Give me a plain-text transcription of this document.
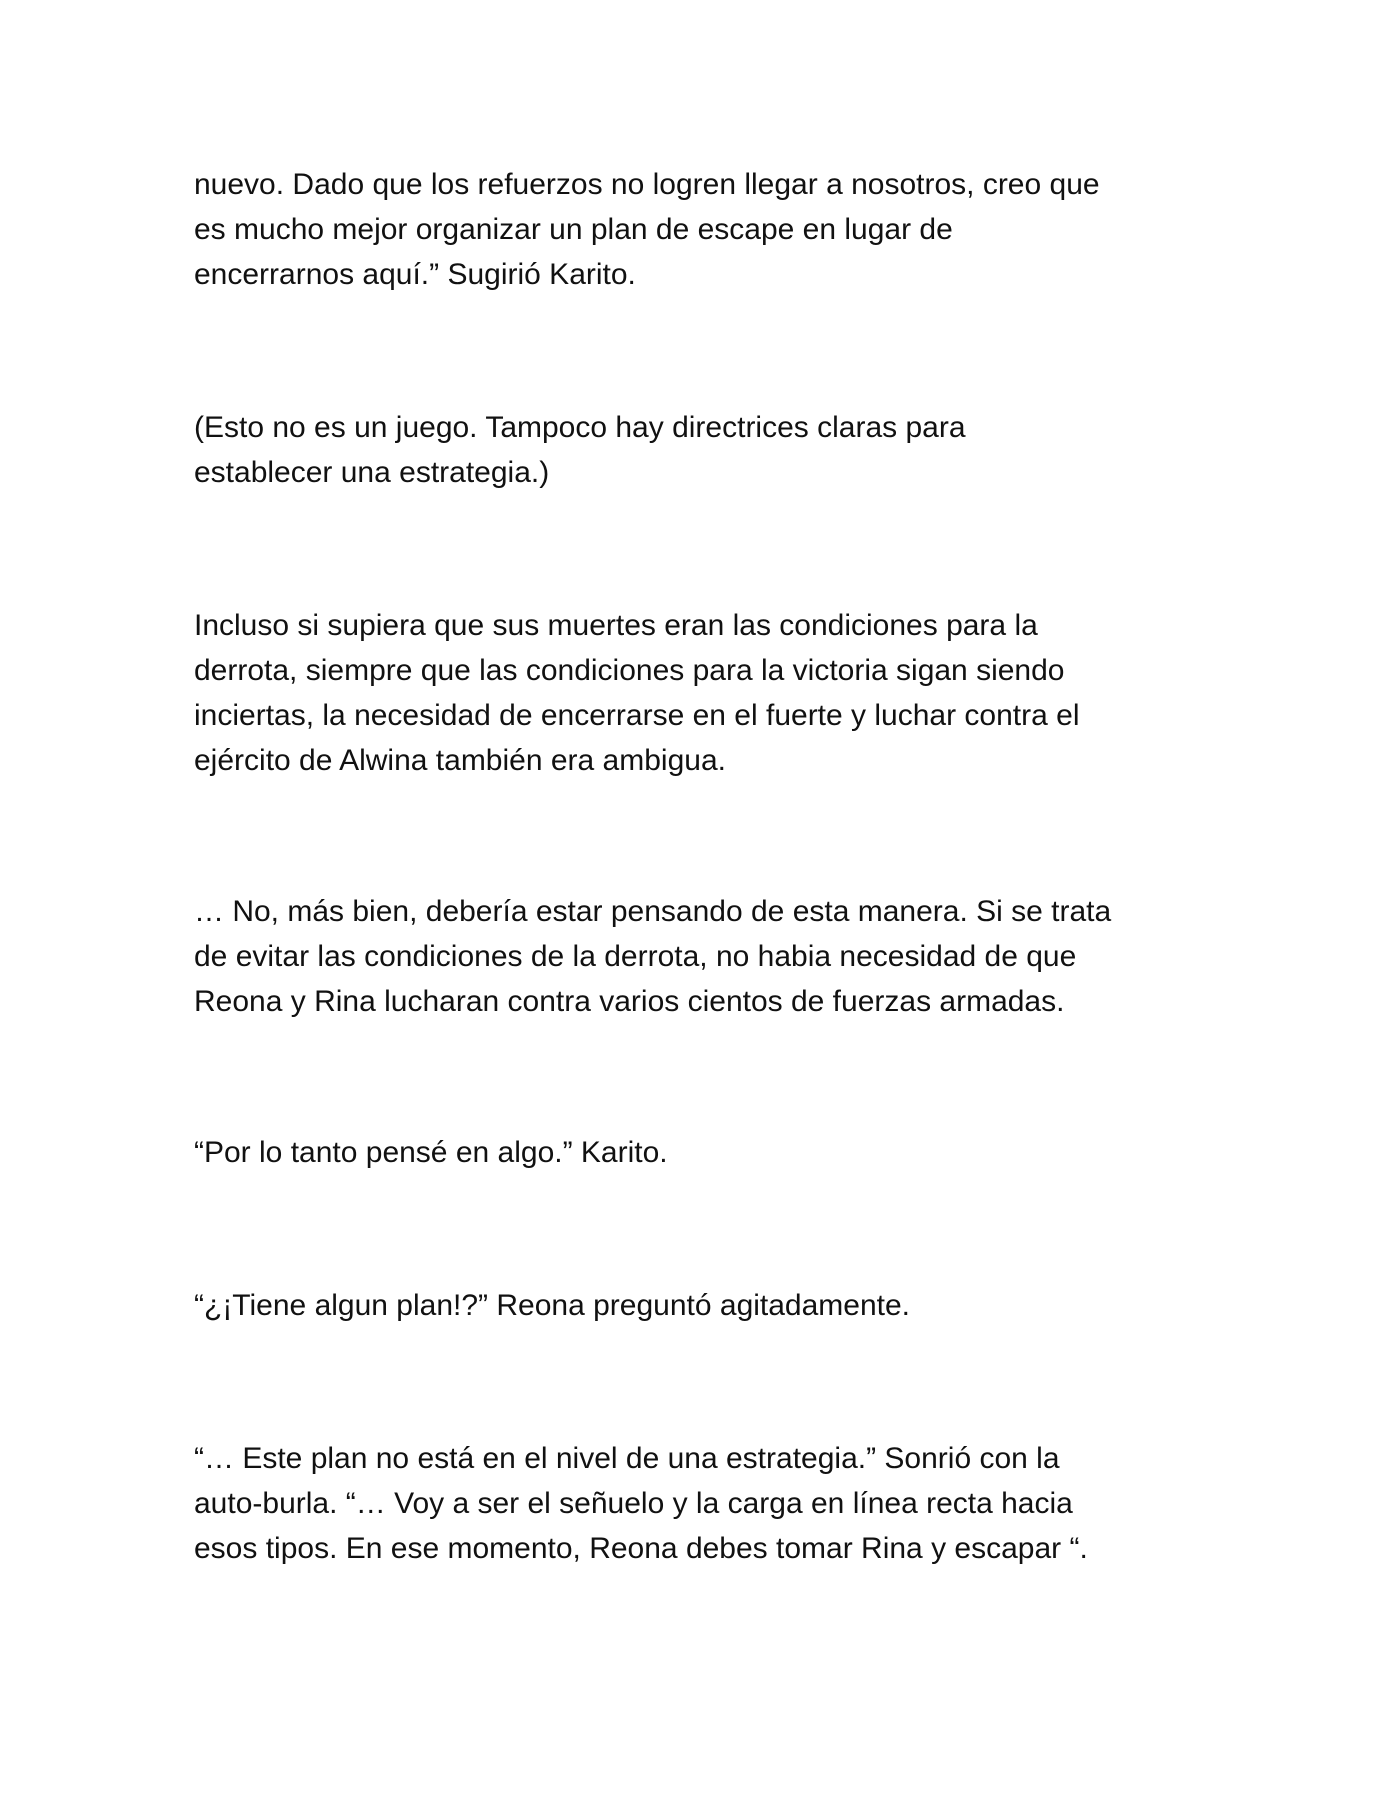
nuevo. Dado que los refuerzos no logren llegar a nosotros, creo que
es mucho mejor organizar un plan de escape en lugar de
encerrarnos aquí.” Sugirió Karito.

(Esto no es un juego. Tampoco hay directrices claras para
establecer una estrategia.)

Incluso si supiera que sus muertes eran las condiciones para la
derrota, siempre que las condiciones para la victoria sigan siendo
inciertas, la necesidad de encerrarse en el fuerte y luchar contra el
ejército de Alwina también era ambigua.

… No, más bien, debería estar pensando de esta manera. Si se trata
de evitar las condiciones de la derrota, no habia necesidad de que
Reona y Rina lucharan contra varios cientos de fuerzas armadas.

“Por lo tanto pensé en algo.” Karito.

“¿¡Tiene algun plan!?” Reona preguntó agitadamente.

“… Este plan no está en el nivel de una estrategia.” Sonrió con la
auto-burla. “… Voy a ser el señuelo y la carga en línea recta hacia
esos tipos. En ese momento, Reona debes tomar Rina y escapar “.
